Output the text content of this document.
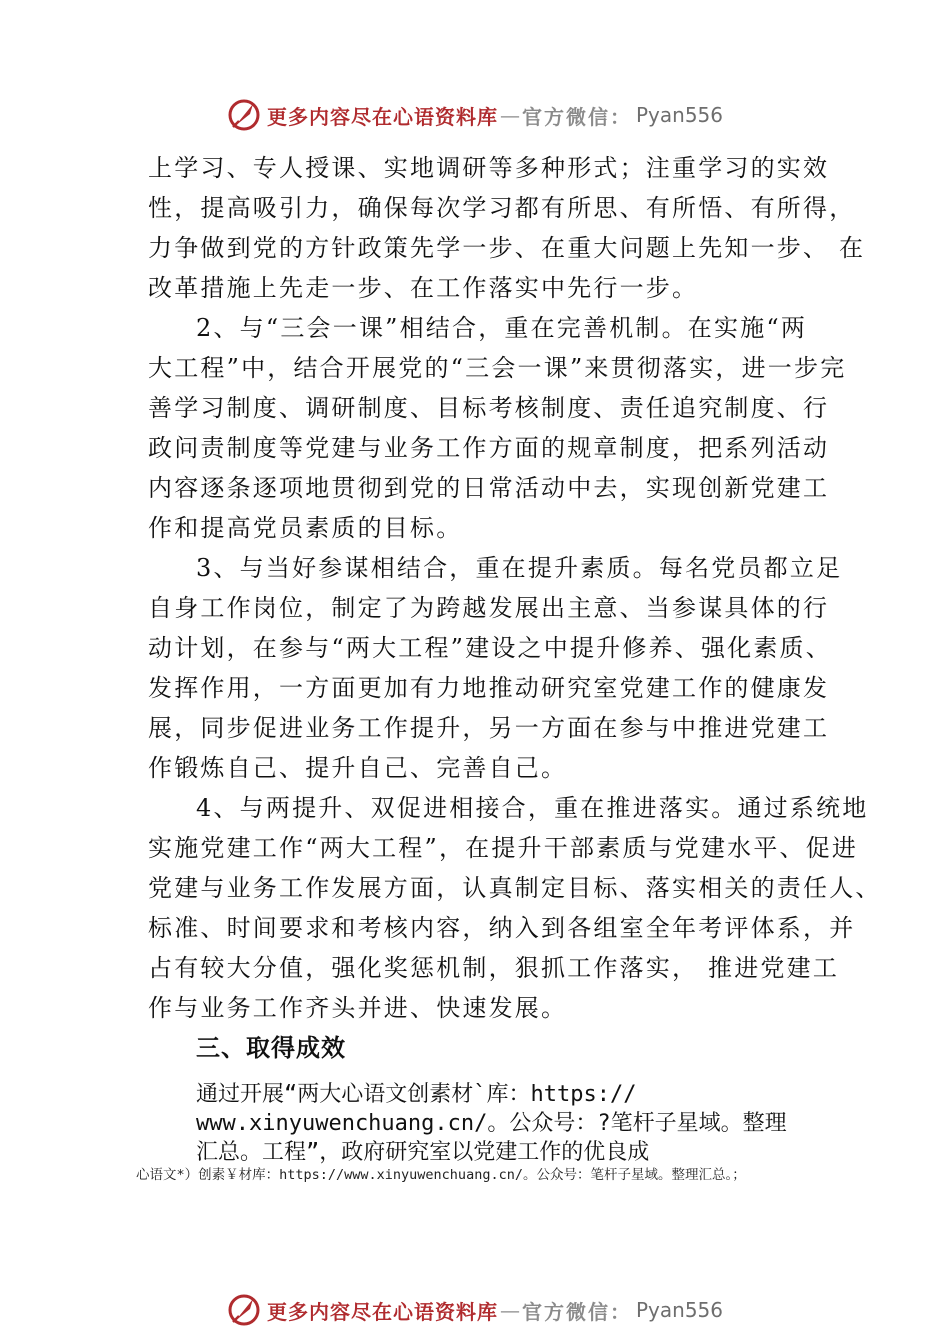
更多内容尽在心语资料库 — 官方微信： Pyan556
上学习、专人授课、实地调研等多种形式；注重学习的实效
性，提高吸引力，确保每次学习都有所思、有所悟、有所得，
力争做到党的方针政策先学一步、在重大问题上先知一步、 在
改革措施上先走一步、在工作落实中先行一步。
2、与“三会一课”相结合，重在完善机制。在实施“两
大工程”中，结合开展党的“三会一课”来贯彻落实，进一步完
善学习制度、调研制度、目标考核制度、责任追究制度、行
政问责制度等党建与业务工作方面的规章制度，把系列活动
内容逐条逐项地贯彻到党的日常活动中去，实现创新党建工
作和提高党员素质的目标。
3、与当好参谋相结合，重在提升素质。每名党员都立足
自身工作岗位，制定了为跨越发展出主意、当参谋具体的行
动计划，在参与“两大工程”建设之中提升修养、强化素质、
发挥作用，一方面更加有力地推动研究室党建工作的健康发
展，同步促进业务工作提升，另一方面在参与中推进党建工
作锻炼自己、提升自己、完善自己。
4、与两提升、双促进相接合，重在推进落实。通过系统地
实施党建工作“两大工程”，在提升干部素质与党建水平、促进
党建与业务工作发展方面，认真制定目标、落实相关的责任人、
标准、时间要求和考核内容，纳入到各组室全年考评体系，并
占有较大分值，强化奖惩机制，狠抓工作落实， 推进党建工
作与业务工作齐头并进、快速发展。
三、取得成效
通过开展“两大心语文创素材`库：https://
www.xinyuwenchuang.cn/。公众号：?笔杆子星域。整理
汇总。工程”，政府研究室以党建工作的优良成
心语文*）创素￥材库：https://www.xinyuwenchuang.cn/。公众号：笔杆子星域。整理汇总。；
更多内容尽在心语资料库 — 官方微信： Pyan556
